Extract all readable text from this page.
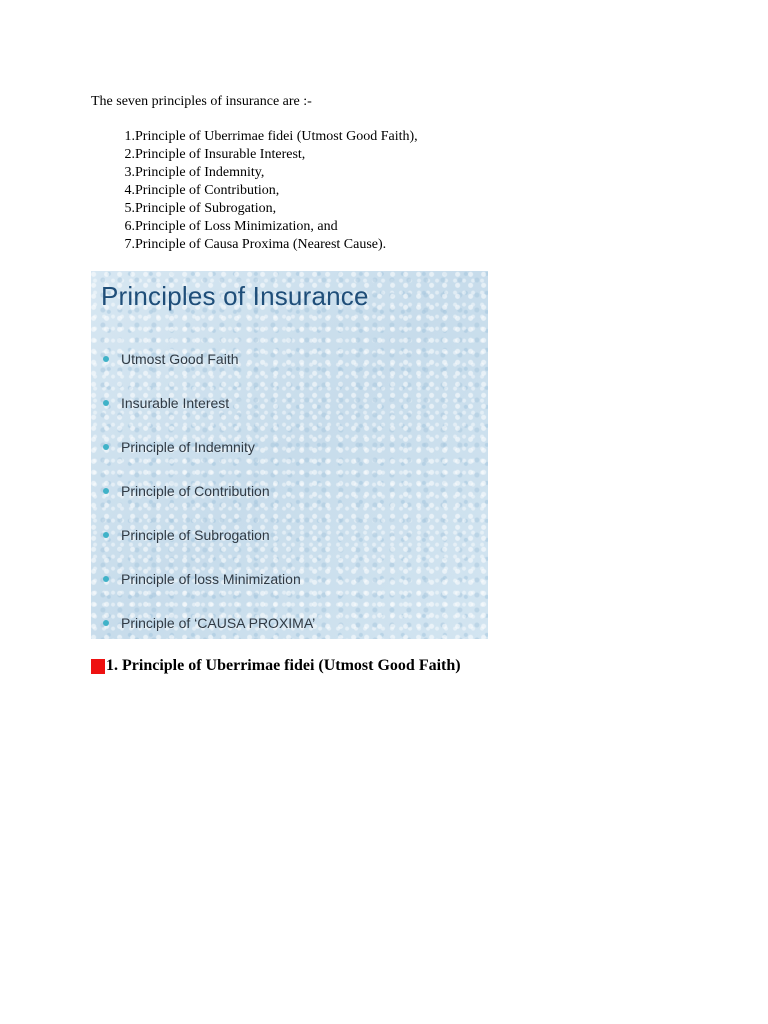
The seven principles of insurance are :-

1. Principle of Uberrimae fidei (Utmost Good Faith),
2. Principle of Insurable Interest,
3. Principle of Indemnity,
4. Principle of Contribution,
5. Principle of Subrogation,
6. Principle of Loss Minimization, and
7. Principle of Causa Proxima (Nearest Cause).
Principles of Insurance
Utmost Good Faith
Insurable Interest
Principle of Indemnity
Principle of Contribution
Principle of Subrogation
Principle of loss Minimization
Principle of ‘CAUSA PROXIMA’
1. Principle of Uberrimae fidei (Utmost Good Faith)
